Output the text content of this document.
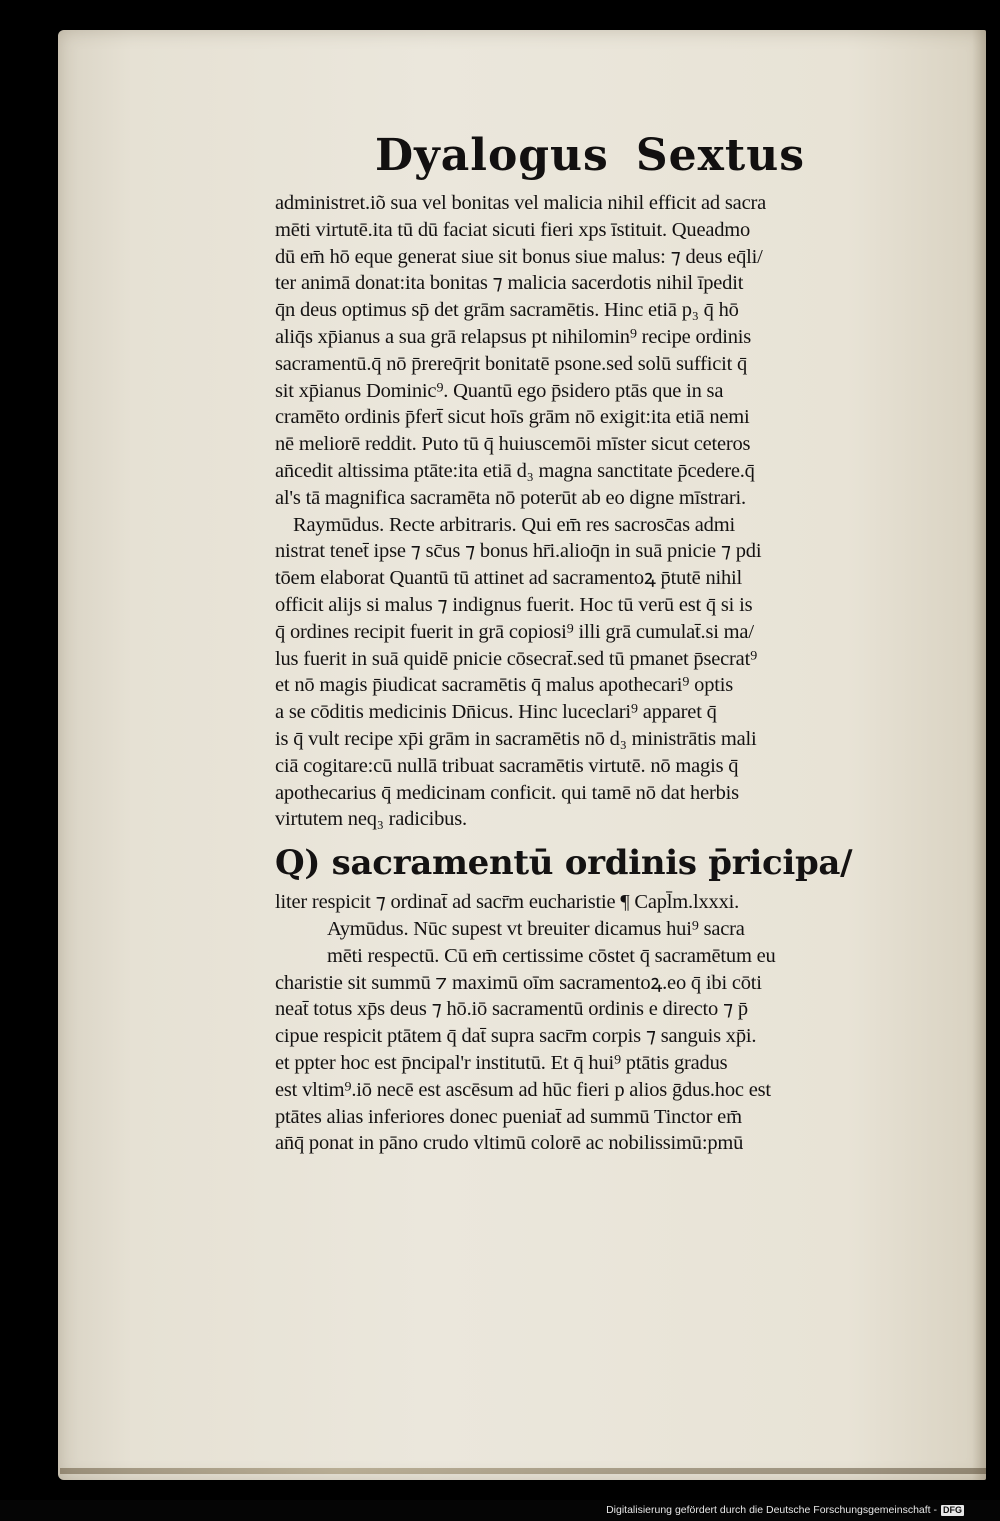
Dyalogus Sextus
administret.iõ sua vel bonitas vel malicia nihil efficit ad sacra
mēti virtutē.ita tū dū faciat sicuti fieri xps īstituit. Queadmo
dū em̄ hō eque generat siue sit bonus siue malus: ⁊ deus eq̄li/
ter animā donat:ita bonitas ⁊ malicia sacerdotis nihil īpedit
q̄n deus optimus sp̄ det grām sacramētis. Hinc etiā p₃ q̄ hō
aliq̄s xp̄ianus a sua grā relapsus pt nihilomin⁹ recipe ordinis
sacramentū.q̄ nō p̄rereq̄rit bonitatē psone.sed solū sufficit q̄
sit xp̄ianus Dominic⁹. Quantū ego p̄sidero ptās que in sa
cramēto ordinis p̄fert̄ sicut hoīs grām nō exigit:ita etiā nemi
nē meliorē reddit. Puto tū q̄ huiuscemōi mīster sicut ceteros
an̄cedit altissima ptāte:ita etiā d₃ magna sanctitate p̄cedere.q̄
al's tā magnifica sacramēta nō poterūt ab eo digne mīstrari.
Raymūdus. Recte arbitraris. Qui em̄ res sacrosc̄as admi
nistrat tenet̄ ipse ⁊ sc̄us ⁊ bonus hr̄i.alioq̄n in suā pnicie ⁊ pdi
tōem elaborat Quantū tū attinet ad sacramentoꝝ p̄tutē nihil
officit alijs si malus ⁊ indignus fuerit. Hoc tū verū est q̄ si is
q̄ ordines recipit fuerit in grā copiosi⁹ illi grā cumulat̄.si ma/
lus fuerit in suā quidē pnicie cōsecrat̄.sed tū pmanet p̄secrat⁹
et nō magis p̄iudicat sacramētis q̄̄ malus apothecari⁹ optis
a se cōditis medicinis Dn̄icus. Hinc luceclari⁹ apparet q̄
is q̄ vult recipe xp̄i grām in sacramētis nō d₃ ministrātis mali
ciā cogitare:cū nullā tribuat sacramētis virtutē. nō magis q̄̄
apothecarius q̄ medicinam conficit. qui tamē nō dat herbis
virtutem neq₃ radicibus.
Q) sacramentū ordinis p̄ricipa/
liter respicit ⁊ ordinat̄ ad sacr̄m eucharistie ¶ Capl̄m.lxxxi.
Aymūdus. Nūc supest vt breuiter dicamus hui⁹ sacra
mēti respectū. Cū em̄ certissime cōstet q̄ sacramētum eu
charistie sit summū ⁊ maximū oīm sacramentoꝝ.eo q̄ ibi cōti
neat̄ totus xp̄s deus ⁊ hō.iō sacramentū ordinis e directo ⁊ p̄
cipue respicit ptātem q̄ dat̄ supra sacr̄m corpis ⁊ sanguis xp̄i.
et ppter hoc est p̄ncipal'r institutū. Et q̄ hui⁹ ptātis gradus
est vltim⁹.iō necē est ascēsum ad hūc fieri p alios ḡdus.hoc est
ptātes alias inferiores donec pueniat̄ ad summū Tinctor em̄
an̄q̄ ponat in pāno crudo vltimū colorē ac nobilissimū:pmū
Digitalisierung gefördert durch die Deutsche Forschungsgemeinschaft - DFG
